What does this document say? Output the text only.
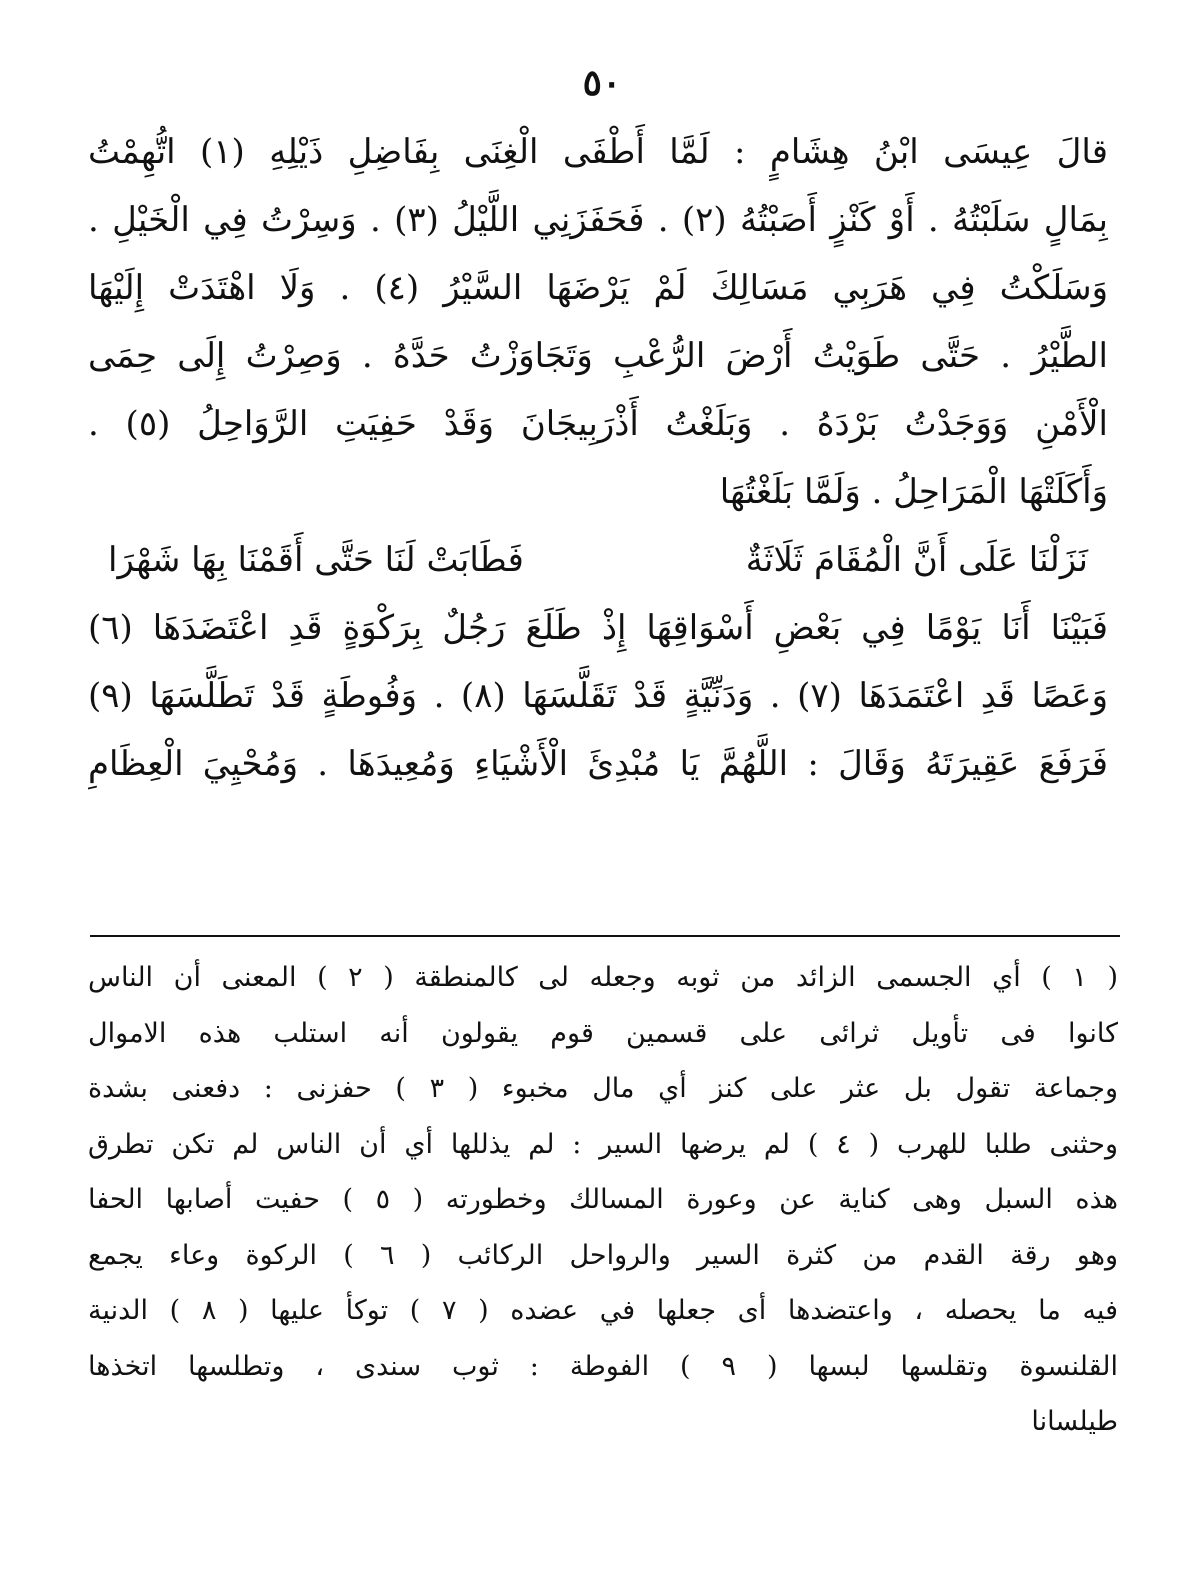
٥٠
قالَ عِيسَى ابْنُ هِشَامٍ : لَمَّا أَطْفَى الْغِنَى بِفَاضِلِ ذَيْلِهِ (١) اتُّهِمْتُ
بِمَالٍ سَلَبْتُهُ . أَوْ كَنْزٍ أَصَبْتُهُ (٢) . فَحَفَزَنِي اللَّيْلُ (٣) . وَسِرْتُ فِي الْخَيْلِ .
وَسَلَكْتُ فِي هَرَبِي مَسَالِكَ لَمْ يَرْضَهَا السَّيْرُ (٤) . وَلَا اهْتَدَتْ إِلَيْهَا
الطَّيْرُ . حَتَّى طَوَيْتُ أَرْضَ الرُّعْبِ وَتَجَاوَزْتُ حَدَّهُ . وَصِرْتُ إِلَى حِمَى
الْأَمْنِ وَوَجَدْتُ بَرْدَهُ . وَبَلَغْتُ أَذْرَبِيجَانَ وَقَدْ حَفِيَتِ الرَّوَاحِلُ (٥) .
وَأَكَلَتْهَا الْمَرَاحِلُ . وَلَمَّا بَلَغْتُهَا
نَزَلْنَا عَلَى أَنَّ الْمُقَامَ ثَلَاثَةٌ
فَطَابَتْ لَنَا حَتَّى أَقَمْنَا بِهَا شَهْرَا
فَبَيْنَا أَنَا يَوْمًا فِي بَعْضِ أَسْوَاقِهَا إِذْ طَلَعَ رَجُلٌ بِرَكْوَةٍ قَدِ اعْتَضَدَهَا (٦)
وَعَصًا قَدِ اعْتَمَدَهَا (٧) . وَدَنِّيَّةٍ قَدْ تَقَلَّسَهَا (٨) . وَفُوطَةٍ قَدْ تَطَلَّسَهَا (٩)
فَرَفَعَ عَقِيرَتَهُ وَقَالَ : اللَّهُمَّ يَا مُبْدِئَ الْأَشْيَاءِ وَمُعِيدَهَا . وَمُحْيِيَ الْعِظَامِ
( ١ ) أي الجسمى الزائد من ثوبه وجعله لى كالمنطقة ( ٢ ) المعنى أن الناس
كانوا فى تأويل ثرائى على قسمين قوم يقولون أنه استلب هذه الاموال
وجماعة تقول بل عثر على كنز أي مال مخبوء ( ٣ ) حفزنى : دفعنى بشدة
وحثنى طلبا للهرب ( ٤ ) لم يرضها السير : لم يذللها أي أن الناس لم تكن تطرق
هذه السبل وهى كناية عن وعورة المسالك وخطورته ( ٥ ) حفيت أصابها الحفا
وهو رقة القدم من كثرة السير والرواحل الركائب ( ٦ ) الركوة وعاء يجمع
فيه ما يحصله ، واعتضدها أى جعلها في عضده ( ٧ ) توكأ عليها ( ٨ ) الدنية
القلنسوة وتقلسها لبسها ( ٩ ) الفوطة : ثوب سندى ، وتطلسها اتخذها
طيلسانا
